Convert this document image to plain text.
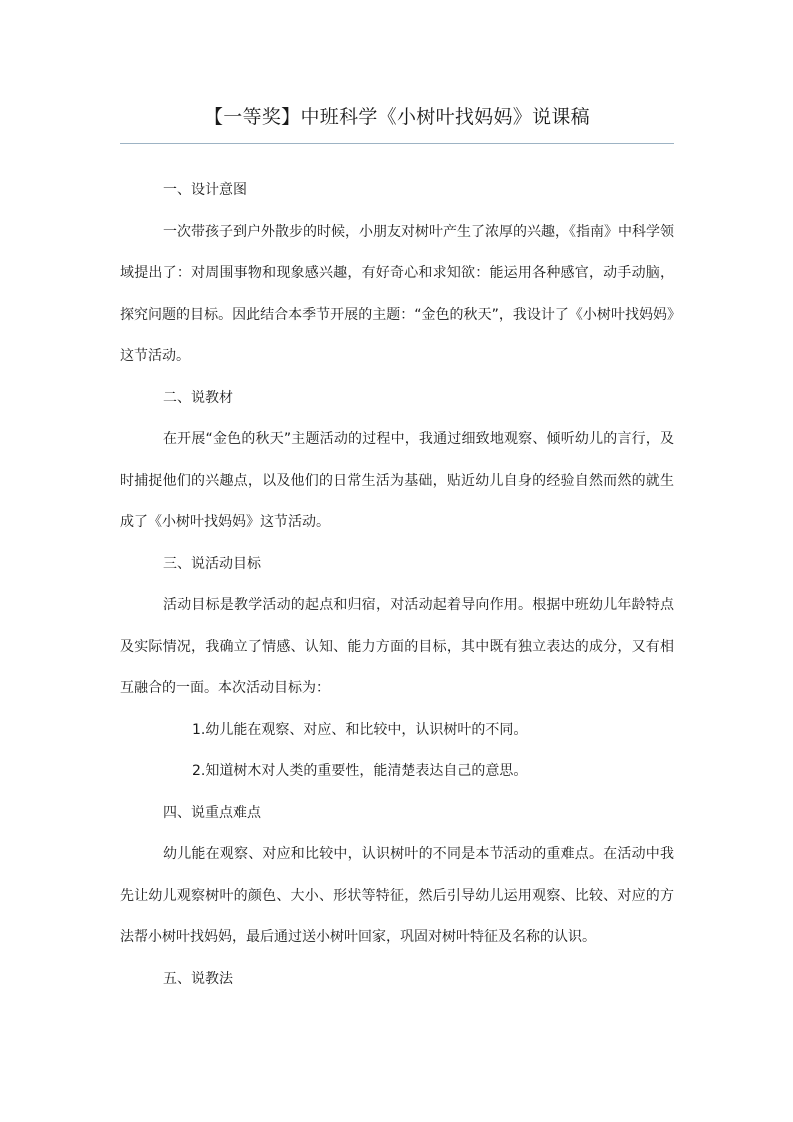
【一等奖】中班科学《小树叶找妈妈》说课稿

一、设计意图

一次带孩子到户外散步的时候，小朋友对树叶产生了浓厚的兴趣，《指南》中科学领域提出了：对周围事物和现象感兴趣，有好奇心和求知欲：能运用各种感官，动手动脑，探究问题的目标。因此结合本季节开展的主题：“金色的秋天”，我设计了《小树叶找妈妈》这节活动。

二、说教材

在开展“金色的秋天”主题活动的过程中，我通过细致地观察、倾听幼儿的言行，及时捕捉他们的兴趣点，以及他们的日常生活为基础，贴近幼儿自身的经验自然而然的就生成了《小树叶找妈妈》这节活动。

三、说活动目标

活动目标是教学活动的起点和归宿，对活动起着导向作用。根据中班幼儿年龄特点及实际情况，我确立了情感、认知、能力方面的目标，其中既有独立表达的成分，又有相互融合的一面。本次活动目标为：

1.幼儿能在观察、对应、和比较中，认识树叶的不同。

2.知道树木对人类的重要性，能清楚表达自己的意思。

四、说重点难点

幼儿能在观察、对应和比较中，认识树叶的不同是本节活动的重难点。在活动中我先让幼儿观察树叶的颜色、大小、形状等特征，然后引导幼儿运用观察、比较、对应的方法帮小树叶找妈妈，最后通过送小树叶回家，巩固对树叶特征及名称的认识。

五、说教法
